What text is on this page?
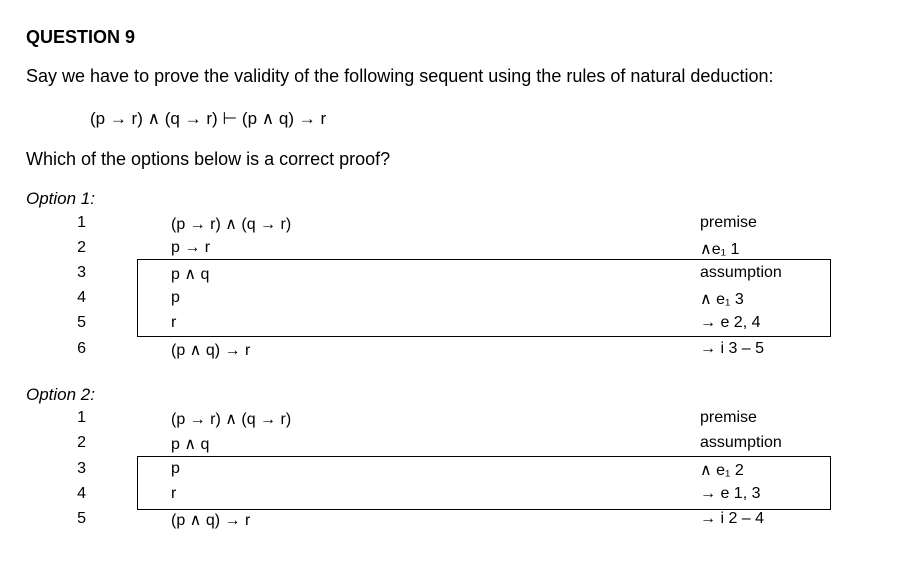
QUESTION 9
Say we have to prove the validity of the following sequent using the rules of natural deduction:
(p → r) ∧ (q → r) ⊢ (p ∧ q) → r
Which of the options below is a correct proof?
Option 1:
1	(p → r) ∧ (q → r)	premise
2	p → r	∧e₁ 1
3	p ∧ q	assumption
4	p	∧ e₁ 3
5	r	→ e 2, 4
6	(p ∧ q) → r	→ i 3 – 5
Option 2:
1	(p → r) ∧ (q → r)	premise
2	p ∧ q	assumption
3	p	∧ e₁ 2
4	r	→ e 1, 3
5	(p ∧ q) → r	→ i 2 – 4
